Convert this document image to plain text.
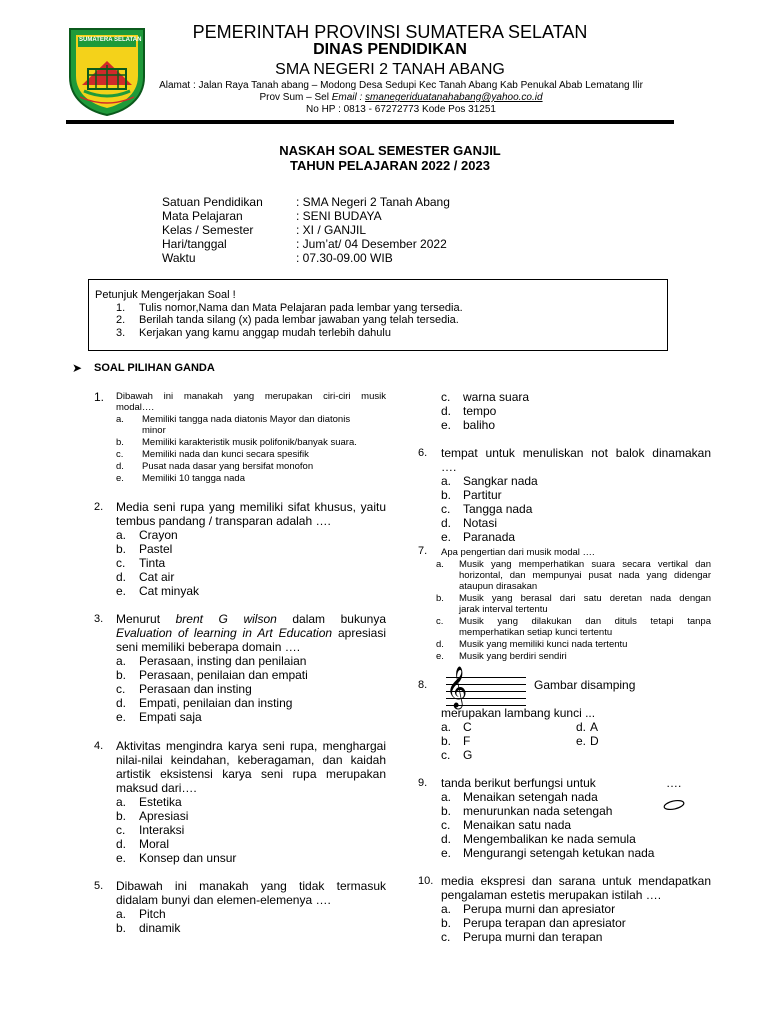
SUMATERA SELATAN	PEMERINTAH PROVINSI SUMATERA SELATAN
DINAS PENDIDIKAN
SMA NEGERI 2 TANAH ABANG
Alamat : Jalan Raya Tanah abang – Modong Desa Sedupi Kec Tanah Abang Kab Penukal Abab Lematang Ilir
Prov Sum – Sel Email : smanegeriduatanahabang@yahoo.co.id
No HP : 0813 - 67272773 Kode Pos 31251
NASKAH SOAL SEMESTER GANJIL
TAHUN PELAJARAN 2022 / 2023
Satuan Pendidikan	: SMA Negeri 2 Tanah Abang
Mata Pelajaran	: SENI BUDAYA
Kelas / Semester	: XI / GANJIL
Hari/tanggal	: Jum’at/ 04 Desember 2022
Waktu	: 07.30-09.00 WIB
Petunjuk Mengerjakan Soal !
1. Tulis nomor,Nama dan Mata Pelajaran pada lembar yang tersedia.
2. Berilah tanda silang (x) pada lembar jawaban yang telah tersedia.
3. Kerjakan yang kamu anggap mudah terlebih dahulu
➤ SOAL PILIHAN GANDA
1. Dibawah ini manakah yang merupakan ciri-ciri musik
modal….
a. Memiliki tangga nada diatonis Mayor dan diatonis
minor
b. Memiliki karakteristik musik polifonik/banyak suara.
c. Memiliki nada dan kunci secara spesifik
d. Pusat nada dasar yang bersifat monofon
e. Memiliki 10 tangga nada
2. Media seni rupa yang memiliki sifat khusus, yaitu
tembus pandang / transparan adalah ….
a. Crayon
b. Pastel
c. Tinta
d. Cat air
e. Cat minyak
3. Menurut brent G wilson dalam bukunya
Evaluation of learning in Art Education apresiasi
seni memiliki beberapa domain ….
a. Perasaan, insting dan penilaian
b. Perasaan, penilaian dan empati
c. Perasaan dan insting
d. Empati, penilaian dan insting
e. Empati saja
4. Aktivitas mengindra karya seni rupa, menghargai
nilai-nilai keindahan, keberagaman, dan kaidah
artistik eksistensi karya seni rupa merupakan
maksud dari….
a. Estetika
b. Apresiasi
c. Interaksi
d. Moral
e. Konsep dan unsur
5. Dibawah ini manakah yang tidak termasuk
didalam bunyi dan elemen-elemenya ….
a. Pitch
b. dinamik
c. warna suara
d. tempo
e. baliho
6. tempat untuk menuliskan not balok dinamakan
….
a. Sangkar nada
b. Partitur
c. Tangga nada
d. Notasi
e. Paranada
7. Apa pengertian dari musik modal ….
a. Musik yang memperhatikan suara secara vertikal dan
horizontal, dan mempunyai pusat nada yang didengar
ataupun dirasakan
b. Musik yang berasal dari satu deretan nada dengan
jarak interval tertentu
c. Musik yang dilakukan dan dituls tetapi tanpa
memperhatikan setiap kunci tertentu
d. Musik yang memiliki kunci nada tertentu
e. Musik yang berdiri sendiri
8. 𝄞	Gambar disamping
merupakan lambang kunci ...
a. C	d. A
b. F	e. D
c. G
9. tanda berikut berfungsi untuk	….
a. Menaikan setengah nada
b. menurunkan nada setengah
c. Menaikan satu nada
d. Mengembalikan ke nada semula
e. Mengurangi setengah ketukan nada
10. media ekspresi dan sarana untuk mendapatkan
pengalaman estetis merupakan istilah ….
a. Perupa murni dan apresiator
b. Perupa terapan dan apresiator
c. Perupa murni dan terapan
